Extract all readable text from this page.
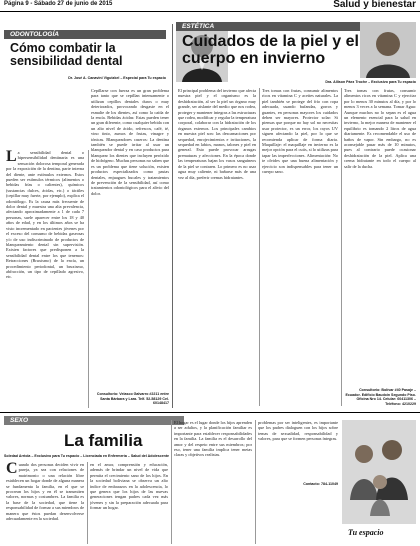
Página 9 - Sábado 27 de junio de 2015	Salud y bienestar
ODONTOLOGÍA
Cómo combatir la sensibilidad dental
Dr. José A. Canavini Vigutzkel – Especial para Tu espacio
La sensibilidad dental o hipersensibilidad dentinaria es una sensación dolorosa temporal generada por la exposición de la dentina, parte interna del diente, ante estímulos externos. Estos pueden ser estímulos térmicos (alimentos o bebidas frías o calientes), químicos (sustancias dulces, ácidas, etc.) o táctiles (cepillar muy fuerte, por ejemplo), explica el odontólogo. Es la causa más frecuente de dolor dental y muestra una alta prevalencia, afectando aproximadamente a 1 de cada 7 personas, suele aparecer entre los 18 y 40 años de edad, y en los últimos años se ha visto incrementado en pacientes jóvenes por el exceso del consumo de bebidas gaseosas y/o de uso indiscriminado de productos de blanqueamiento dental sin supervisión. Existen factores que predisponen a la sensibilidad dental entre los que tenemos: Retracciones (Bruxismo) de la encía, un procedimiento periodontal, un bruxismo, abfracción, un tipo de cepillado agresivo, etc.
Cepillarse con fuerza es un gran problema para tanto que se cepillan intensamente o utilizan cepillos dentales duros o muy deteriorados, provocando desgaste en el esmalte de los dientes, así como la caída de la encía. Bebidas ácidas: Estas pueden tener un gran diferente, como cualquier bebida con un alto nivel de ácido, refrescos, café, té, vino tinto, zumos de frutas, vinagre y tónicas. Blanqueadores caseros: La dentina también se puede irritar al usar un blanqueador dental y en caso productos para blanquear los dientes que incluyen peróxido de hidrógeno. Muchas personas no saben que es un problema que tiene solución, existen productos especializados como pastas dentales, enjuagues bucales y tratamientos de prevención de la sensibilidad, así como tratamientos odontológicos para el alivio del dolor.
Consultorio: Velasco Galvarro #2211 entre Santa Bárbara y Lara. Telf. 52-58129 Cel. 60148417
ESTÉTICA
Cuidados de la piel y el cuerpo en invierno
Dra. Allison Páez Troche – Exclusivo para Tu espacio
El principal problema del invierno que afecta nuestra piel y el organismo es la deshidratación, al ser la piel un órgano muy grande, ser aislante del medio que nos rodea, proteger y mantener íntegras a las estructuras que rodea, modificar y regular la temperatura corporal, colaborar con la hidratación de los órganos externos. Los principales cambios en nuestra piel son: las descamaciones por sequedad, enrojecimientos e irritaciones, la sequedad en labios, manos, talones y piel en general. Esto puede provocar arrugas prematuras y afecciones. En la época donde las temperaturas bajan los vasos sanguíneos de la piel se contraen. Lo primero es no usar agua muy caliente, ni bañarse más de una vez al día, preferir cremas hidratantes.
Tres tomas con frutas, consumir alimentos ricos en vitamina C y aceites naturales. La piel también se protege del frío con ropa adecuada, usando bufandas, gorros y guantes, en personas mayores los cuidados deben ser mayores. Protector solar: Si piensas que porque no hay sol no necesitas usar protector, es un error, los rayos UV siguen afectando la piel, por lo que se recomienda aplicar de forma diaria. Maquillaje: el maquillaje en invierno es la mejor opción para el cutis, si lo utilizas para tapar las imperfecciones. Alimentación: No te olvides que una buena alimentación y ejercicio son indispensables para tener un cuerpo sano.
Tres tomas con frutas, consumir alimentos ricos en vitamina C y ejercitar por lo menos 30 minutos al día, y por lo menos 3 veces a la semana. Tomar Agua: Aunque muchos no lo sepan es el agua un elemento esencial para la salud en invierno, la mejor manera de mantener el equilibrio es tomando 2 litros de agua diariamente. Es recomendable el uso de baños de vapor. Sin embargo, no es aconsejable pasar más de 10 minutos, pues al contrario puede ocasionar deshidratación de la piel. Aplica una crema hidratante en todo el cuerpo al salir de la ducha.
Consultorio: Bolívar #40 Pasaje – Ecuador. Edificio Baudoin Segundo Piso. Oficina Nro 14. Celular: 60411306 – Teléfono: 4210229
SEXO
La familia
Soledad Arriola – Exclusivo para Tu espacio – Licenciada en Enfermería – Salud del Adolescente
Cuando dos personas deciden vivir en pareja, ya sea con relaciones de matrimonio o una relación libre establecen un hogar donde de alguna manera se fundamenta la familia, en el que se procrean los hijos y en él se transmiten valores, normas y costumbres. La familia es la base de la sociedad, que tiene la responsabilidad de formar a sus miembros de manera que éstos puedan desenvolverse adecuadamente en la sociedad.
en el amor, comprensión y educación, además de brindar un nivel de vida que permita el crecimiento sano de los hijos. En la sociedad boliviana se observa un alto índice de embarazos en la adolescencia, lo que genera que los hijos de las nuevas generaciones tengan padres cada vez más jóvenes y sin la preparación adecuada para formar un hogar.
El hogar es el lugar donde los hijos aprenden a ser adultos, y la planificación familiar es importante para establecer responsabilidades en la familia. La familia es el desarrollo del amor y del respeto entre sus miembros; por eso, tener una familia implica tener metas claras y objetivos realistas.
problemas por ser inteligentes, es importante que los padres dialoguen con los hijos sobre temas de sexualidad, responsabilidad y valores, para que se formen personas íntegras.
Contacto: 784-11049
Tu espacio
